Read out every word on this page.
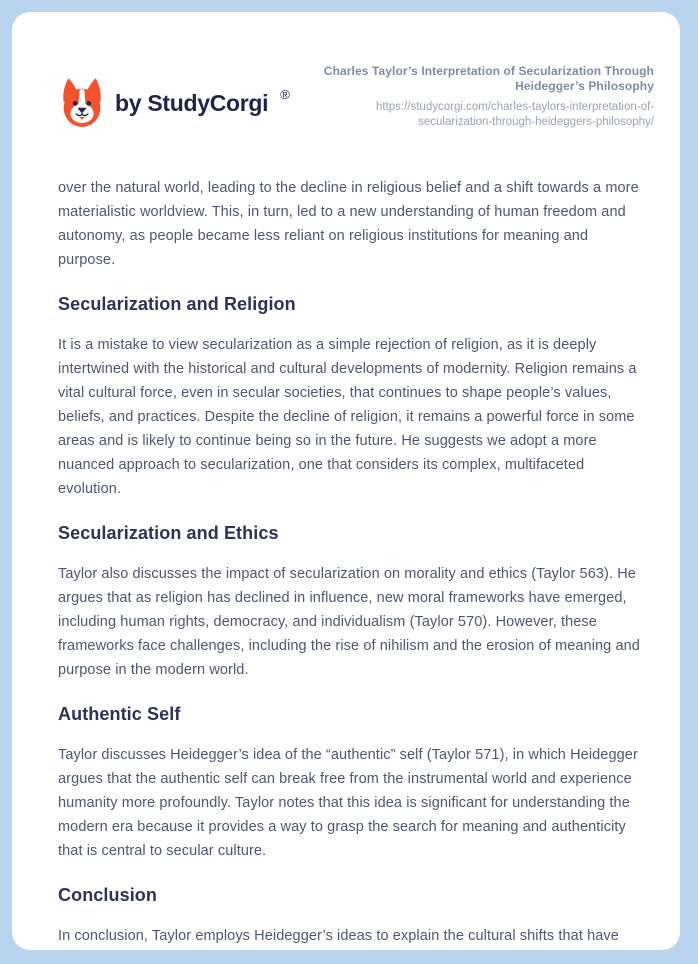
by StudyCorgi ®
Charles Taylor’s Interpretation of Secularization Through Heidegger’s Philosophy
https://studycorgi.com/charles-taylors-interpretation-of-secularization-through-heideggers-philosophy/

over the natural world, leading to the decline in religious belief and a shift towards a more materialistic worldview. This, in turn, led to a new understanding of human freedom and autonomy, as people became less reliant on religious institutions for meaning and purpose.

Secularization and Religion

It is a mistake to view secularization as a simple rejection of religion, as it is deeply intertwined with the historical and cultural developments of modernity. Religion remains a vital cultural force, even in secular societies, that continues to shape people’s values, beliefs, and practices. Despite the decline of religion, it remains a powerful force in some areas and is likely to continue being so in the future. He suggests we adopt a more nuanced approach to secularization, one that considers its complex, multifaceted evolution.

Secularization and Ethics

Taylor also discusses the impact of secularization on morality and ethics (Taylor 563). He argues that as religion has declined in influence, new moral frameworks have emerged, including human rights, democracy, and individualism (Taylor 570). However, these frameworks face challenges, including the rise of nihilism and the erosion of meaning and purpose in the modern world.

Authentic Self

Taylor discusses Heidegger’s idea of the “authentic” self (Taylor 571), in which Heidegger argues that the authentic self can break free from the instrumental world and experience humanity more profoundly. Taylor notes that this idea is significant for understanding the modern era because it provides a way to grasp the search for meaning and authenticity that is central to secular culture.

Conclusion

In conclusion, Taylor employs Heidegger’s ideas to explain the cultural shifts that have
